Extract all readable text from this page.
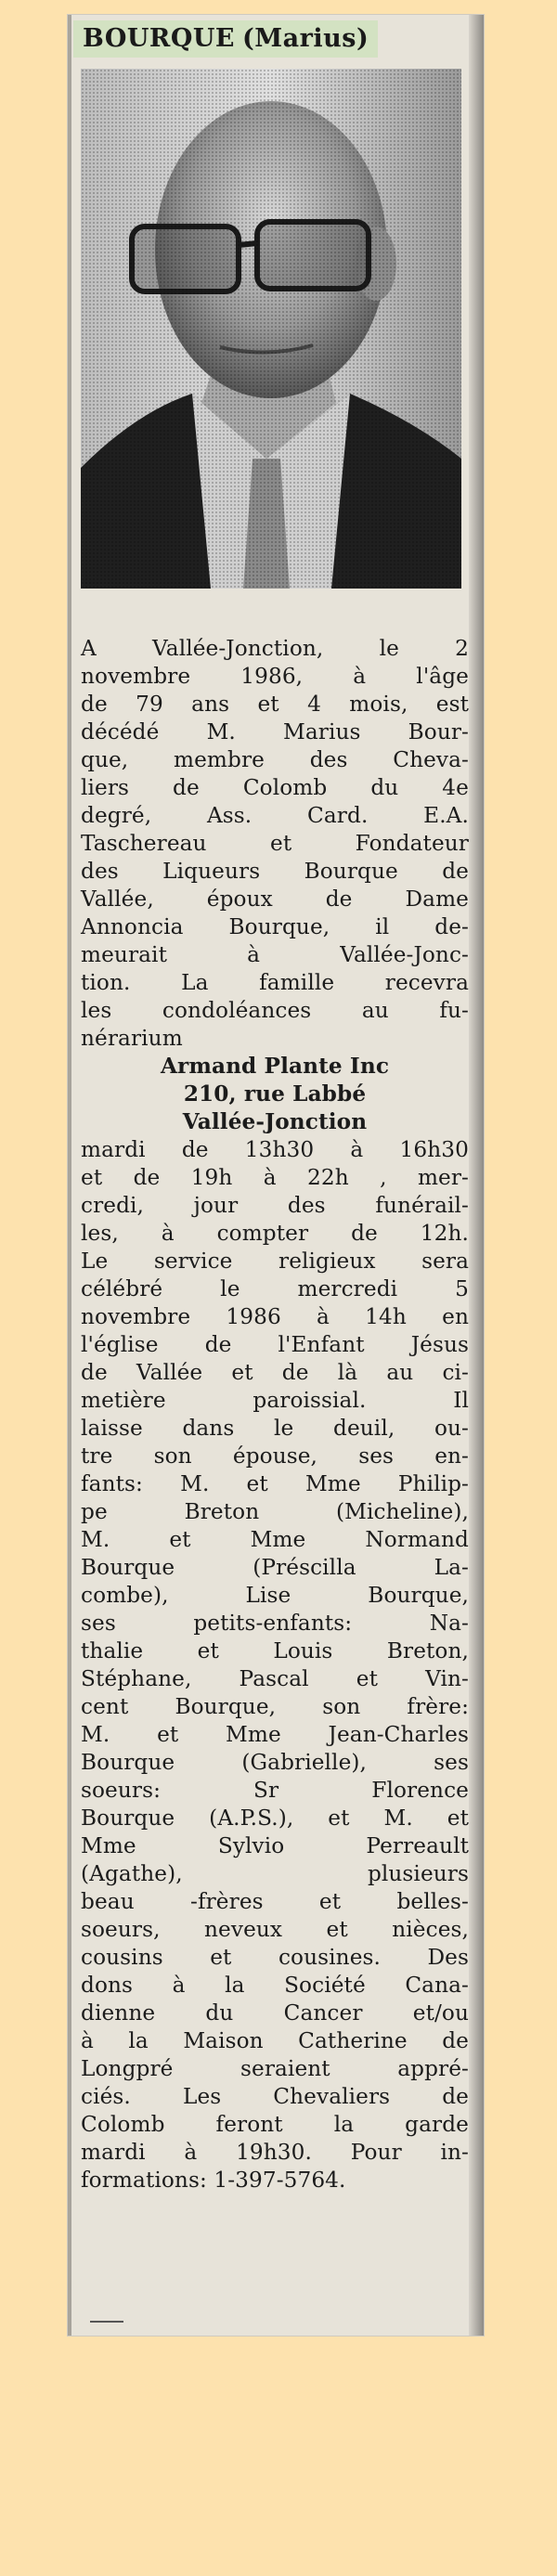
BOURQUE (Marius)
A Vallée-Jonction, le 2
novembre 1986, à l'âge
de 79 ans et 4 mois, est
décédé M. Marius Bour-
que, membre des Cheva-
liers de Colomb du 4e
degré, Ass. Card. E.A.
Taschereau et Fondateur
des Liqueurs Bourque de
Vallée, époux de Dame
Annoncia Bourque, il de-
meurait à Vallée-Jonc-
tion. La famille recevra
les condoléances au fu-
nérarium
Armand Plante Inc
210, rue Labbé
Vallée-Jonction
mardi de 13h30 à 16h30
et de 19h à 22h , mer-
credi, jour des funérail-
les, à compter de 12h.
Le service religieux sera
célébré le mercredi 5
novembre 1986 à 14h en
l'église de l'Enfant Jésus
de Vallée et de là au ci-
metière paroissial. Il
laisse dans le deuil, ou-
tre son épouse, ses en-
fants: M. et Mme Philip-
pe Breton (Micheline),
M. et Mme Normand
Bourque (Préscilla La-
combe), Lise Bourque,
ses petits-enfants: Na-
thalie et Louis Breton,
Stéphane, Pascal et Vin-
cent Bourque, son frère:
M. et Mme Jean-Charles
Bourque (Gabrielle), ses
soeurs: Sr Florence
Bourque (A.P.S.), et M. et
Mme Sylvio Perreault
(Agathe), plusieurs
beau -frères et belles-
soeurs, neveux et nièces,
cousins et cousines. Des
dons à la Société Cana-
dienne du Cancer et/ou
à la Maison Catherine de
Longpré seraient appré-
ciés. Les Chevaliers de
Colomb feront la garde
mardi à 19h30. Pour in-
formations: 1-397-5764.
